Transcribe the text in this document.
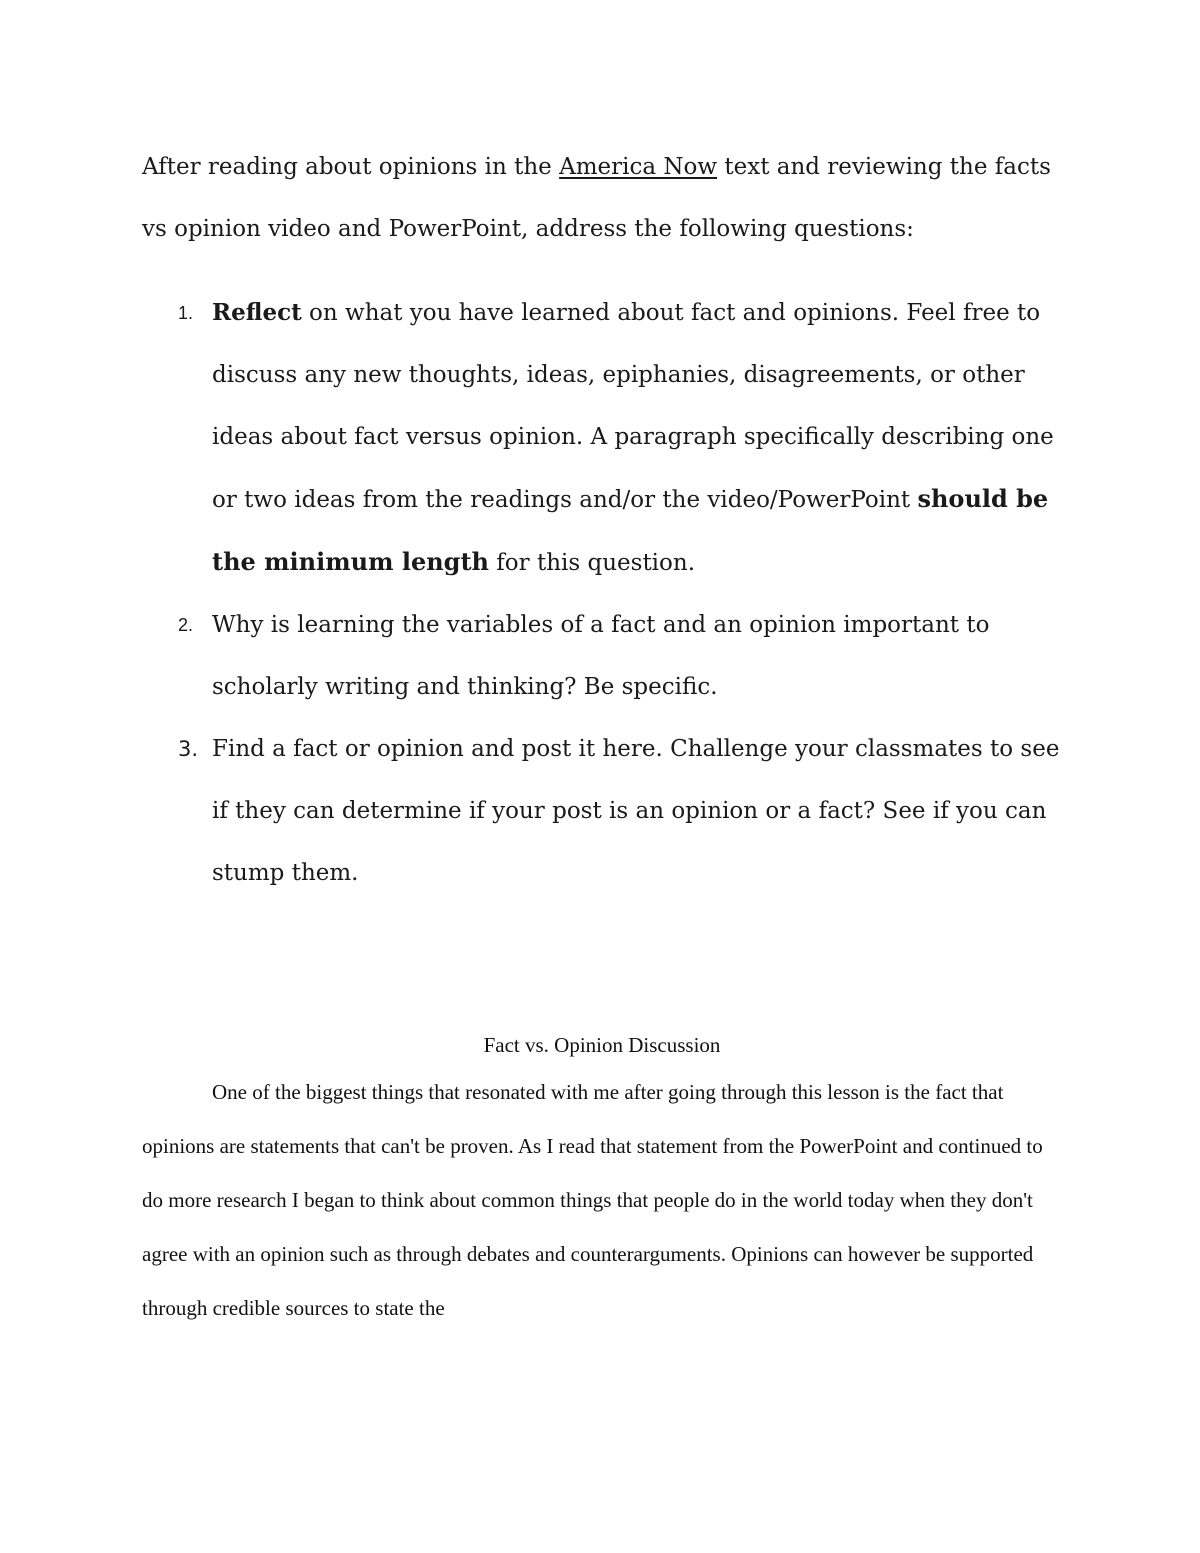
After reading about opinions in the America Now text and reviewing the facts vs opinion video and PowerPoint, address the following questions:

1. Reflect on what you have learned about fact and opinions. Feel free to discuss any new thoughts, ideas, epiphanies, disagreements, or other ideas about fact versus opinion. A paragraph specifically describing one or two ideas from the readings and/or the video/PowerPoint should be the minimum length for this question.
2. Why is learning the variables of a fact and an opinion important to scholarly writing and thinking? Be specific.
3. Find a fact or opinion and post it here. Challenge your classmates to see if they can determine if your post is an opinion or a fact? See if you can stump them.

Fact vs. Opinion Discussion

One of the biggest things that resonated with me after going through this lesson is the fact that opinions are statements that can't be proven. As I read that statement from the PowerPoint and continued to do more research I began to think about common things that people do in the world today when they don't agree with an opinion such as through debates and counterarguments. Opinions can however be supported through credible sources to state the
